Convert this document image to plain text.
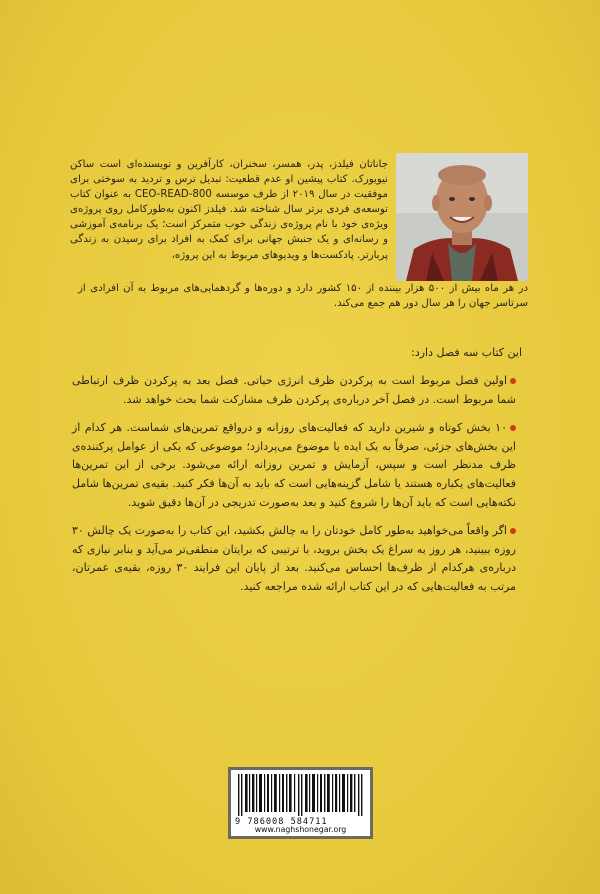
جاناتان فیلدز، پدر، همسر، سخنران، کارآفرین و نویسنده‌ای است ساکن نیویورک. کتاب پیشین او عدم قطعیت: تبدیل ترس و تردید به سوختی برای موفقیت در سال ۲۰۱۹ از طرف موسسه 800-CEO-READ به عنوان کتاب توسعه‌ی فردی برتر سال شناخته شد. فیلدز اکنون به‌طورکامل روی پروژه‌ی ویژه‌ی خود با نام پروژه‌ی زندگی خوب متمرکز است؛ یک برنامه‌ی آموزشی و رسانه‌ای و یک جنبش جهانی برای کمک به افراد برای رسیدن به زندگی پربارتر. پادکست‌ها و ویدیوهای مربوط به این پروژه،
در هر ماه بیش از ۵۰۰ هزار بیننده از ۱۵۰ کشور دارد و دوره‌ها و گردهمایی‌های مربوط به آن افرادی از سرتاسر جهان را هر سال دور هم جمع می‌کند.
این کتاب سه فصل دارد:
اولین فصل مربوط است به پرکردن ظرف انرژی حیاتی. فصل بعد به پرکردن ظرف ارتباطی شما مربوط است. در فصل آخر درباره‌ی پرکردن ظرف مشارکت شما بحث خواهد شد.
۱۰ بخش کوتاه و شیرین دارید که فعالیت‌های روزانه و درواقع تمرین‌های شماست. هر کدام از این بخش‌های جزئی، صرفاً به یک ایده یا موضوع می‌پردازد؛ موضوعی که یکی از عوامل پرکننده‌ی ظرف مدنظر است و سپس، آزمایش و تمرین روزانه ارائه می‌شود. برخی از این تمرین‌ها فعالیت‌های یکباره هستند یا شامل گزینه‌هایی است که باید به آن‌ها فکر کنید. بقیه‌ی تمرین‌ها شامل نکته‌هایی است که باید آن‌ها را شروع کنید و بعد به‌صورت تدریجی در آن‌ها دقیق شوید.
اگر واقعاً می‌خواهید به‌طور کامل خودتان را به چالش بکشید، این کتاب را به‌صورت یک چالش ۳۰ روزه ببینید، هر روز به سراغ یک بخش بروید، با ترتیبی که برایتان منطقی‌تر می‌آید و بنابر نیازی که درباره‌ی هرکدام از ظرف‌ها احساس می‌کنید. بعد از پایان این فرایند ۳۰ روزه، بقیه‌ی عمرتان، مرتب به فعالیت‌هایی که در این کتاب ارائه شده مراجعه کنید.
9 786008 584711
www.naghshonegar.org
